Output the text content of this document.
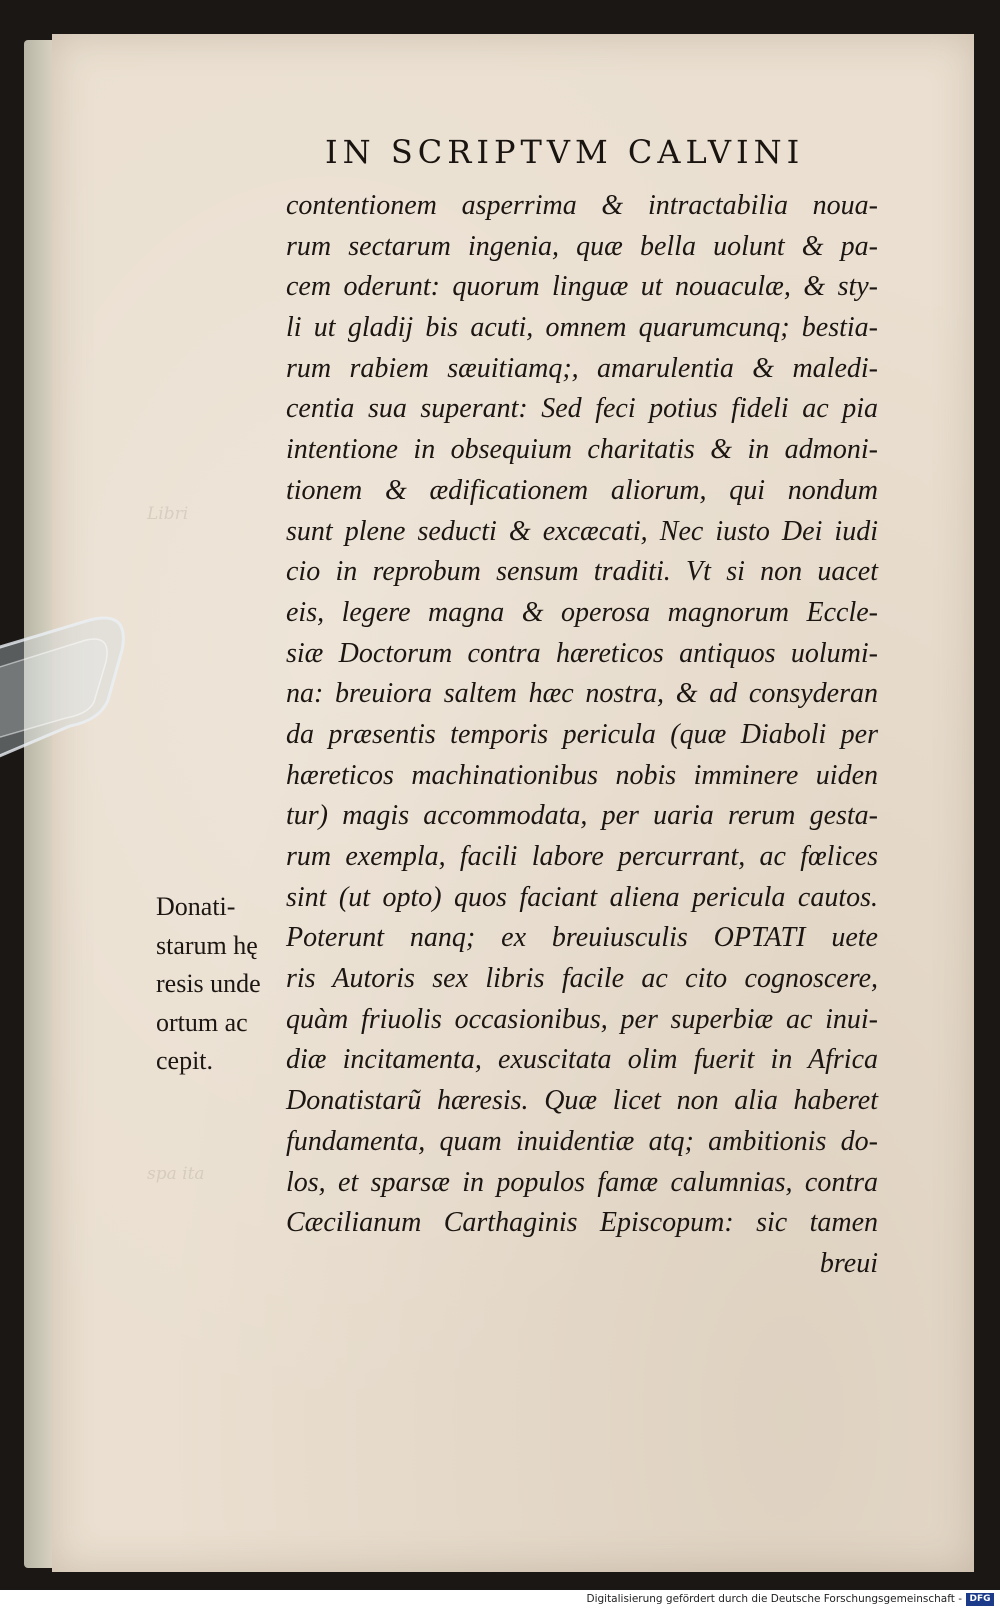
Libri
spa ita
IN SCRIPTVM CALVINI
contentionem asperrima & intractabilia noua-
rum sectarum ingenia, quæ bella uolunt & pa-
cem oderunt: quorum linguæ ut nouaculæ, & sty-
li ut gladij bis acuti, omnem quarumcunq; bestia-
rum rabiem sæuitiamq;, amarulentia & maledi-
centia sua superant: Sed feci potius fideli ac pia
intentione in obsequium charitatis & in admoni-
tionem & ædificationem aliorum, qui nondum
sunt plene seducti & excæcati, Nec iusto Dei iudi
cio in reprobum sensum traditi. Vt si non uacet
eis, legere magna & operosa magnorum Eccle-
siæ Doctorum contra hæreticos antiquos uolumi-
na: breuiora saltem hæc nostra, & ad consyderan
da præsentis temporis pericula (quæ Diaboli per
hæreticos machinationibus nobis imminere uiden
tur) magis accommodata, per uaria rerum gesta-
rum exempla, facili labore percurrant, ac fœlices
sint (ut opto) quos faciant aliena pericula cautos.
Poterunt nanq; ex breuiusculis OPTATI uete
ris Autoris sex libris facile ac cito cognoscere,
quàm friuolis occasionibus, per superbiæ ac inui-
diæ incitamenta, exuscitata olim fuerit in Africa
Donatistarũ hæresis. Quæ licet non alia haberet
fundamenta, quam inuidentiæ atq; ambitionis do-
los, et sparsæ in populos famæ calumnias, contra
Cæcilianum Carthaginis Episcopum: sic tamen
breui
Donati-
starum hę
resis unde
ortum ac
cepit.
Digitalisierung gefördert durch die Deutsche Forschungsgemeinschaft - DFG
